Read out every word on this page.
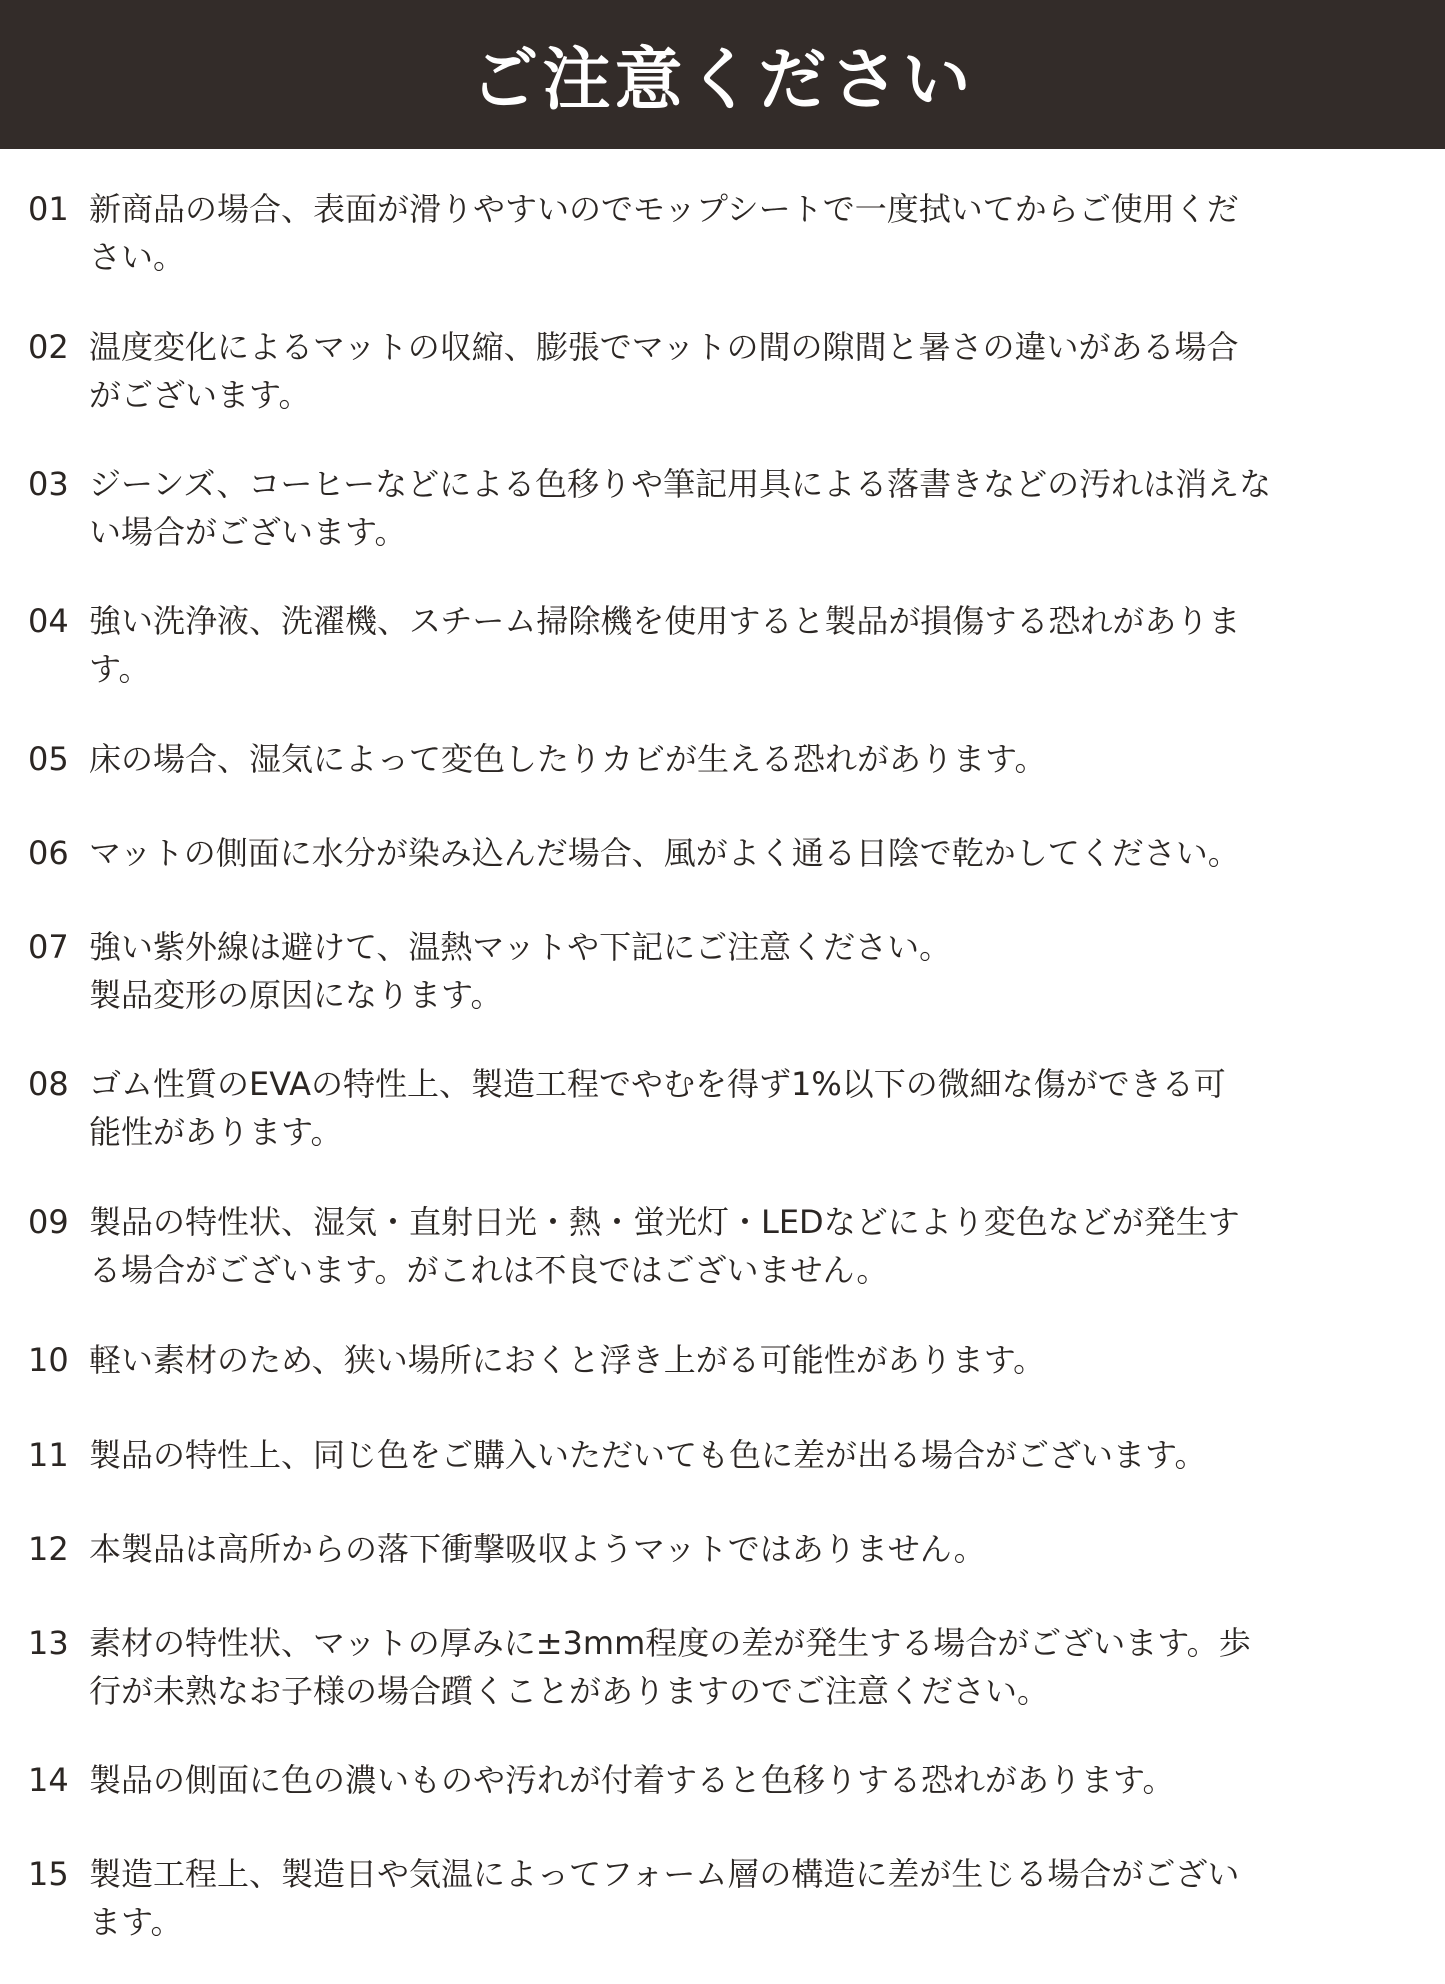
ご注意ください
01 新商品の場合、表面が滑りやすいのでモップシートで一度拭いてからご使用くだ
さい。
02 温度変化によるマットの収縮、膨張でマットの間の隙間と暑さの違いがある場合
がございます。
03 ジーンズ、コーヒーなどによる色移りや筆記用具による落書きなどの汚れは消えな
い場合がございます。
04 強い洗浄液、洗濯機、スチーム掃除機を使用すると製品が損傷する恐れがありま
す。
05 床の場合、湿気によって変色したりカビが生える恐れがあります。
06 マットの側面に水分が染み込んだ場合、風がよく通る日陰で乾かしてください。
07 強い紫外線は避けて、温熱マットや下記にご注意ください。
製品変形の原因になります。
08 ゴム性質のEVAの特性上、製造工程でやむを得ず1%以下の微細な傷ができる可
能性があります。
09 製品の特性状、湿気・直射日光・熱・蛍光灯・LEDなどにより変色などが発生す
る場合がございます。がこれは不良ではございません。
10 軽い素材のため、狭い場所におくと浮き上がる可能性があります。
11 製品の特性上、同じ色をご購入いただいても色に差が出る場合がございます。
12 本製品は高所からの落下衝撃吸収ようマットではありません。
13 素材の特性状、マットの厚みに±3mm程度の差が発生する場合がございます。歩
行が未熟なお子様の場合躓くことがありますのでご注意ください。
14 製品の側面に色の濃いものや汚れが付着すると色移りする恐れがあります。
15 製造工程上、製造日や気温によってフォーム層の構造に差が生じる場合がござい
ます。
